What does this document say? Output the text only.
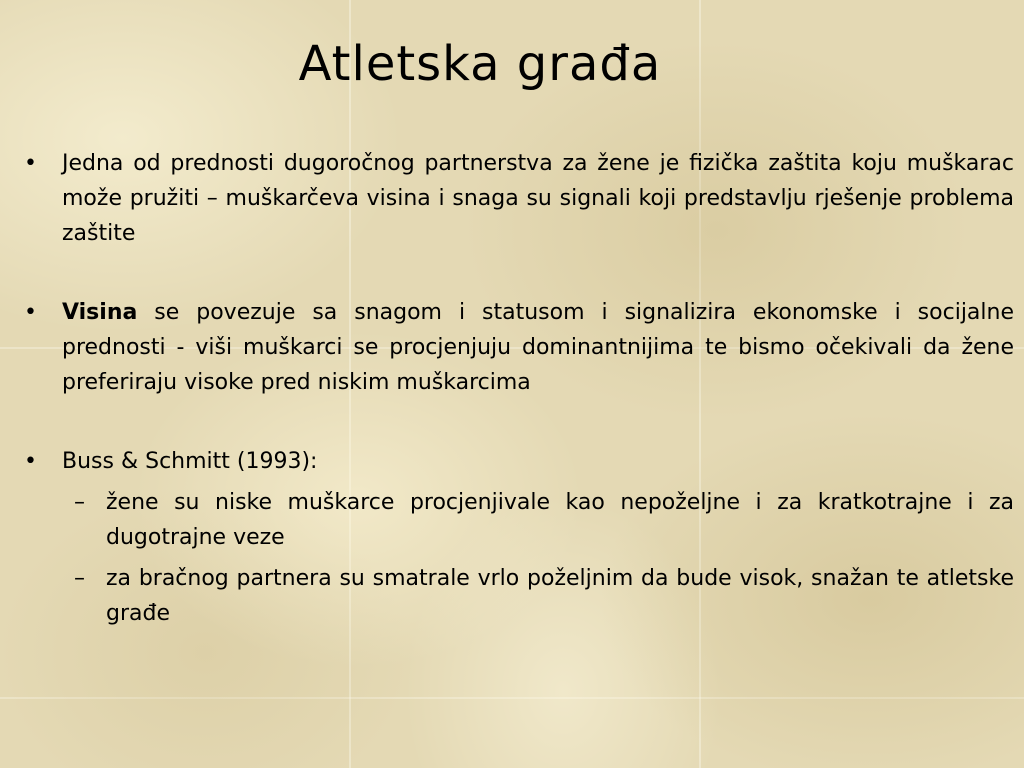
Atletska građa
•	Jedna od prednosti dugoročnog partnerstva za žene je fizička zaštita koju muškarac može pružiti – muškarčeva visina i snaga su signali koji predstavlju rješenje problema zaštite
•	Visina se povezuje sa snagom i statusom i signalizira ekonomske i socijalne prednosti - viši muškarci se procjenjuju dominantnijima te bismo očekivali da žene preferiraju visoke pred niskim muškarcima
•	Buss & Schmitt (1993):
– žene su niske muškarce procjenjivale kao nepoželjne i za kratkotrajne i za dugotrajne veze
– za bračnog partnera su smatrale vrlo poželjnim da bude visok, snažan te atletske građe
